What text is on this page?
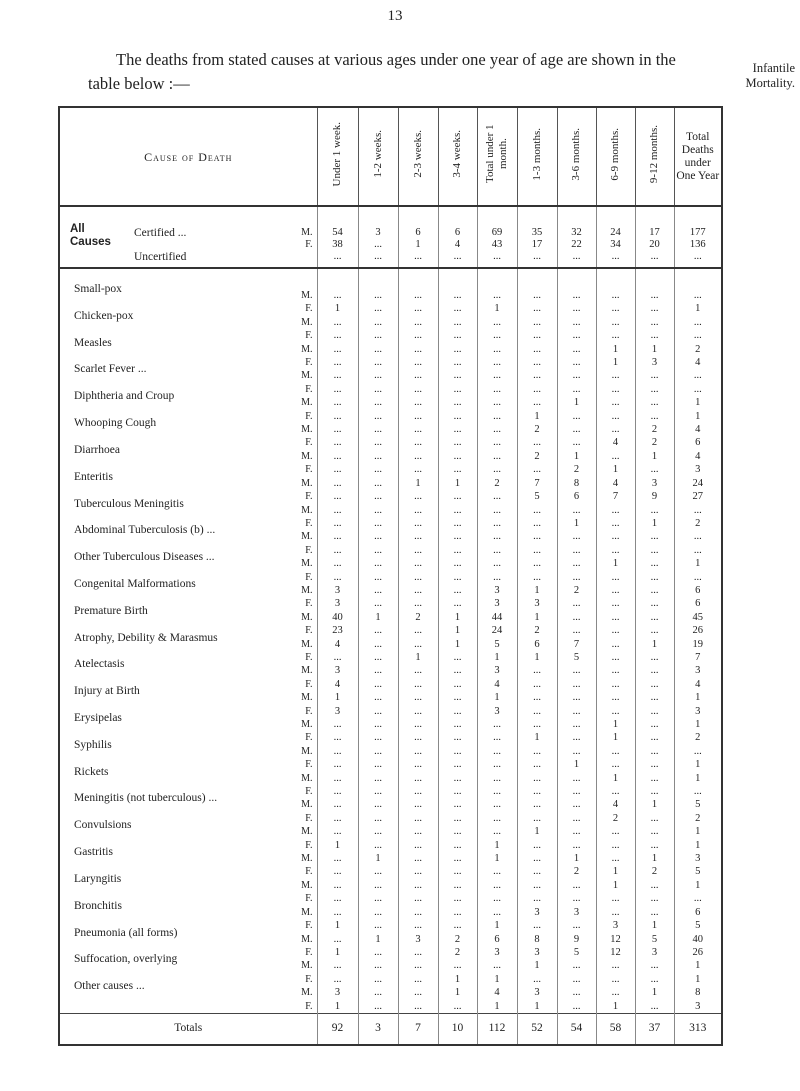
13
The deaths from stated causes at various ages under one year of age are shown in the table below :—
Infantile
Mortality.
Cause of Death	Under 1 week.	1-2 weeks.	2-3 weeks.	3-4 weeks.	Total under 1 month.	1-3 months.	3-6 months.	6-9 months.	9-12 months.	Total Deaths under One Year

All
Causes
Certified ... M.	54	3	6	6	69	35	32	24	17	177

F.	38	...	1	4	43	17	22	34	20	136
Uncertified	...	...	...	...	...	...	...	...	...	...

Small-pox
M.	...	...	...	...	...	...	...	...	...	...

F.	1	...	...	...	1	...	...	...	...	1
Chicken-pox
M.	...	...	...	...	...	...	...	...	...	...

F.	...	...	...	...	...	...	...	...	...	...
Measles
M.	...	...	...	...	...	...	...	1	1	2

F.	...	...	...	...	...	...	...	1	3	4
Scarlet Fever ...
M.	...	...	...	...	...	...	...	...	...	...

F.	...	...	...	...	...	...	...	...	...	...
Diphtheria and Croup
M.	...	...	...	...	...	...	1	...	...	1

F.	...	...	...	...	...	1	...	...	...	1
Whooping Cough
M.	...	...	...	...	...	2	...	...	2	4

F.	...	...	...	...	...	...	...	4	2	6
Diarrhoea
M.	...	...	...	...	...	2	1	...	1	4

F.	...	...	...	...	...	...	2	1	...	3
Enteritis
M.	...	...	1	1	2	7	8	4	3	24

F.	...	...	...	...	...	5	6	7	9	27
Tuberculous Meningitis
M.	...	...	...	...	...	...	...	...	...	...

F.	...	...	...	...	...	...	1	...	1	2
Abdominal Tuberculosis (b) ...
M.	...	...	...	...	...	...	...	...	...	...

F.	...	...	...	...	...	...	...	...	...	...
Other Tuberculous Diseases ...
M.	...	...	...	...	...	...	...	1	...	1

F.	...	...	...	...	...	...	...	...	...	...
Congenital Malformations
M.	3	...	...	...	3	1	2	...	...	6

F.	3	...	...	...	3	3	...	...	...	6
Premature Birth
M.	40	1	2	1	44	1	...	...	...	45

F.	23	...	...	1	24	2	...	...	...	26
Atrophy, Debility & Marasmus
M.	4	...	...	1	5	6	7	...	1	19

F.	...	...	1	...	1	1	5	...	...	7
Atelectasis
M.	3	...	...	...	3	...	...	...	...	3

F.	4	...	...	...	4	...	...	...	...	4
Injury at Birth
M.	1	...	...	...	1	...	...	...	...	1

F.	3	...	...	...	3	...	...	...	...	3
Erysipelas
M.	...	...	...	...	...	...	...	1	...	1

F.	...	...	...	...	...	1	...	1	...	2
Syphilis
M.	...	...	...	...	...	...	...	...	...	...

F.	...	...	...	...	...	...	1	...	...	1
Rickets
M.	...	...	...	...	...	...	...	1	...	1

F.	...	...	...	...	...	...	...	...	...	...
Meningitis (not tuberculous) ...
M.	...	...	...	...	...	...	...	4	1	5

F.	...	...	...	...	...	...	...	2	...	2
Convulsions
M.	...	...	...	...	...	1	...	...	...	1

F.	1	...	...	...	1	...	...	...	...	1
Gastritis
M.	...	1	...	...	1	...	1	...	1	3

F.	...	...	...	...	...	...	2	1	2	5
Laryngitis
M.	...	...	...	...	...	...	...	1	...	1

F.	...	...	...	...	...	...	...	...	...	...
Bronchitis
M.	...	...	...	...	...	3	3	...	...	6

F.	1	...	...	...	1	...	...	3	1	5
Pneumonia (all forms)
M.	...	1	3	2	6	8	9	12	5	40

F.	1	...	...	2	3	3	5	12	3	26
Suffocation, overlying
M.	...	...	...	...	...	1	...	...	...	1

F.	...	...	...	1	1	...	...	...	...	1
Other causes ...
M.	3	...	...	1	4	3	...	...	1	8

F.	1	...	...	...	1	1	...	1	...	3
Totals	92	3	7	10	112	52	54	58	37	313
